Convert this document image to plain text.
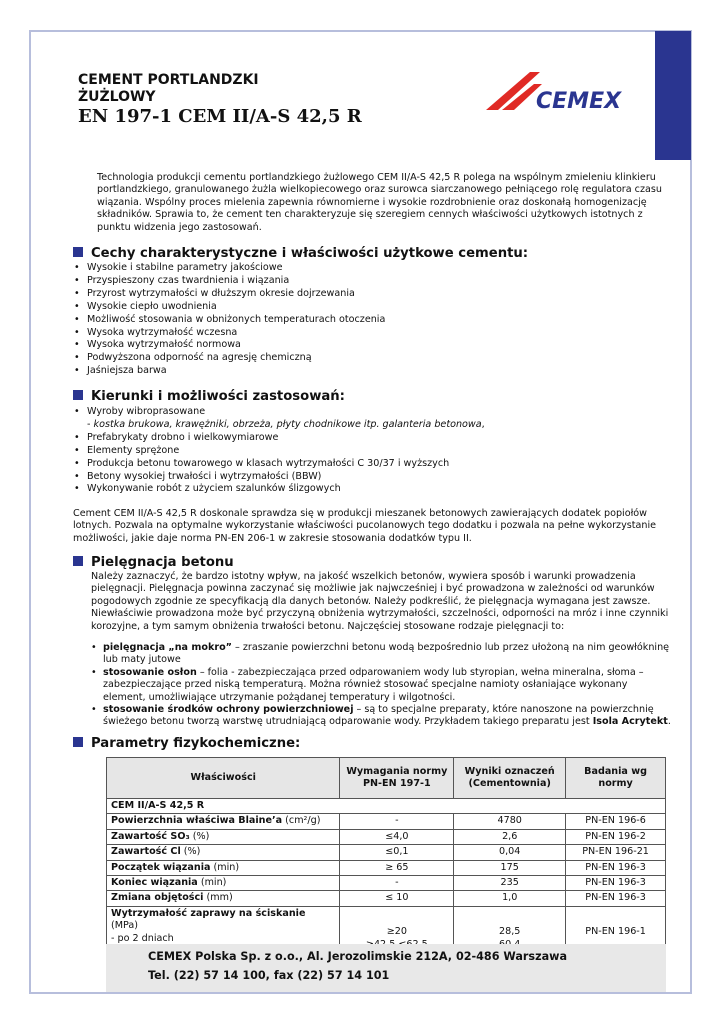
CEMENT PORTLANDZKI
ŻUŻLOWY
EN 197-1 CEM II/A-S 42,5 R
CEMEX
Technologia produkcji cementu portlandzkiego żużlowego CEM II/A-S 42,5 R polega na wspólnym zmieleniu klinkieru portlandzkiego, granulowanego żużla wielkopiecowego oraz surowca siarczanowego pełniącego rolę regulatora czasu wiązania. Wspólny proces mielenia zapewnia równomierne i wysokie rozdrobnienie oraz doskonałą homogenizację składników. Sprawia to, że cement ten charakteryzuje się szeregiem cennych właściwości użytkowych istotnych z punktu widzenia jego zastosowań.
Cechy charakterystyczne i właściwości użytkowe cementu:
• Wysokie i stabilne parametry jakościowe
• Przyspieszony czas twardnienia i wiązania
• Przyrost wytrzymałości w dłuższym okresie dojrzewania
• Wysokie ciepło uwodnienia
• Możliwość stosowania w obniżonych temperaturach otoczenia
• Wysoka wytrzymałość wczesna
• Wysoka wytrzymałość normowa
• Podwyższona odporność na agresję chemiczną
• Jaśniejsza barwa
Kierunki i możliwości zastosowań:
• Wyroby wibroprasowane
- kostka brukowa, krawężniki, obrzeża, płyty chodnikowe itp. galanteria betonowa,
• Prefabrykaty drobno i wielkowymiarowe
• Elementy sprężone
• Produkcja betonu towarowego w klasach wytrzymałości C 30/37 i wyższych
• Betony wysokiej trwałości i wytrzymałości (BBW)
• Wykonywanie robót z użyciem szalunków ślizgowych
Cement CEM II/A-S 42,5 R doskonale sprawdza się w produkcji mieszanek betonowych zawierających dodatek popiołów lotnych. Pozwala na optymalne wykorzystanie właściwości pucolanowych tego dodatku i pozwala na pełne wykorzystanie możliwości, jakie daje norma PN-EN 206-1 w zakresie stosowania dodatków typu II.
Pielęgnacja betonu
Należy zaznaczyć, że bardzo istotny wpływ, na jakość wszelkich betonów, wywiera sposób i warunki prowadzenia pielęgnacji. Pielęgnacja powinna zaczynać się możliwie jak najwcześniej i być prowadzona w zależności od warunków pogodowych zgodnie ze specyfikacją dla danych betonów. Należy podkreślić, że pielęgnacja wymagana jest zawsze. Niewłaściwie prowadzona może być przyczyną obniżenia wytrzymałości, szczelności, odporności na mróz i inne czynniki korozyjne, a tym samym obniżenia trwałości betonu. Najczęściej stosowane rodzaje pielęgnacji to:
• pielęgnacja „na mokro” – zraszanie powierzchni betonu wodą bezpośrednio lub przez ułożoną na nim geowłókninę lub maty jutowe
• stosowanie osłon – folia - zabezpieczająca przed odparowaniem wody lub styropian, wełna mineralna, słoma – zabezpieczające przed niską temperaturą. Można również stosować specjalne namioty osłaniające wykonany element, umożliwiające utrzymanie pożądanej temperatury i wilgotności.
• stosowanie środków ochrony powierzchniowej – są to specjalne preparaty, które nanoszone na powierzchnię świeżego betonu tworzą warstwę utrudniającą odparowanie wody. Przykładem takiego preparatu jest Isola Acrytekt.
Parametry fizykochemiczne:
Właściwości	Wymagania normy PN-EN 197-1	Wyniki oznaczeń (Cementownia)	Badania wg normy
CEM II/A-S 42,5 R			
Powierzchnia właściwa Blaine’a (cm²/g)	-	4780	PN-EN 196-6
Zawartość SO₃ (%)	≤4,0	2,6	PN-EN 196-2
Zawartość Cl (%)	≤0,1	0,04	PN-EN 196-21
Początek wiązania (min)	≥ 65	175	PN-EN 196-3
Koniec wiązania (min)	-	235	PN-EN 196-3
Zmiana objętości (mm)	≤ 10	1,0	PN-EN 196-3
Wytrzymałość zaprawy na ściskanie (MPa)
- po 2 dniach	≥20	28,5	PN-EN 196-1
CEMEX Polska Sp. z o.o., Al. Jerozolimskie 212A, 02-486 Warszawa
Tel. (22) 57 14 100, fax (22) 57 14 101
